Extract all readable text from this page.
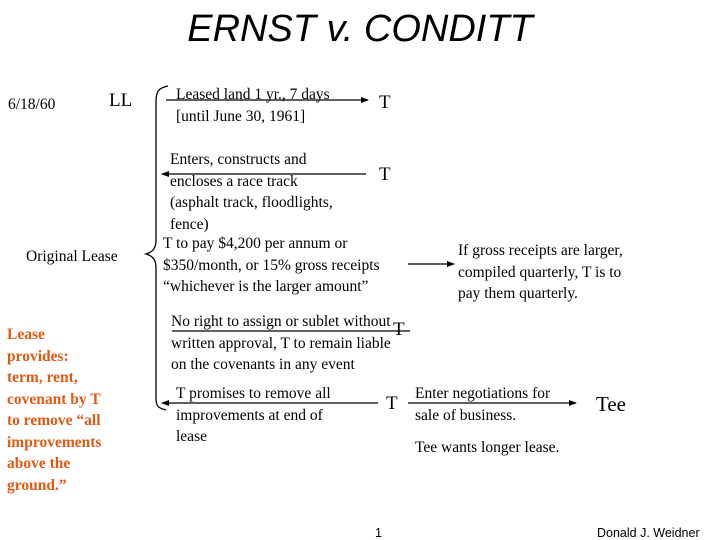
ERNST v. CONDITT
6/18/60	LL	T
T
T
T	Tee
Original Lease
Leased land 1 yr., 7 days
[until June 30, 1961]
Enters, constructs and
encloses a race track
(asphalt track, floodlights,
fence)
T to pay $4,200 per annum or
$350/month, or 15% gross receipts
“whichever is the larger amount”
If gross receipts are larger,
compiled quarterly, T is to
pay them quarterly.
No right to assign or sublet without
written approval, T to remain liable
on the covenants in any event
T promises to remove all
improvements at end of
lease
Enter negotiations for
sale of business.
Tee wants longer lease.
Lease
provides:
term, rent,
covenant by T
to remove “all
improvements
above the
ground.”
1	Donald J. Weidner
